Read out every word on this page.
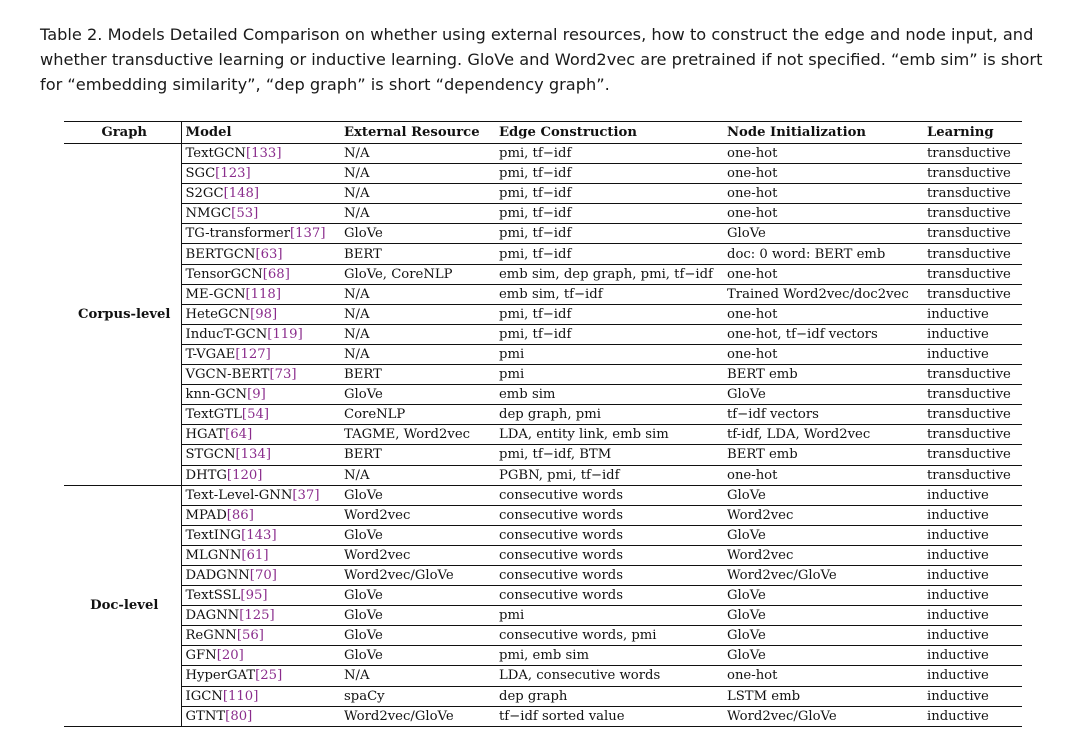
Table 2. Models Detailed Comparison on whether using external resources, how to construct the edge and node input, and whether transductive learning or inductive learning. GloVe and Word2vec are pretrained if not specified. “emb sim” is short for “embedding similarity”, “dep graph” is short “dependency graph”.
Graph	Model	External Resource	Edge Construction	Node Initialization	Learning
Corpus-level	TextGCN[133]	N/A	pmi, tf−idf	one-hot	transductive
	SGC[123]	N/A	pmi, tf−idf	one-hot	transductive
	S2GC[148]	N/A	pmi, tf−idf	one-hot	transductive
	NMGC[53]	N/A	pmi, tf−idf	one-hot	transductive
	TG-transformer[137]	GloVe	pmi, tf−idf	GloVe	transductive
	BERTGCN[63]	BERT	pmi, tf−idf	doc: 0 word: BERT emb	transductive
	TensorGCN[68]	GloVe, CoreNLP	emb sim, dep graph, pmi, tf−idf	one-hot	transductive
	ME-GCN[118]	N/A	emb sim, tf−idf	Trained Word2vec/doc2vec	transductive
	HeteGCN[98]	N/A	pmi, tf−idf	one-hot	inductive
	InducT-GCN[119]	N/A	pmi, tf−idf	one-hot, tf−idf vectors	inductive
	T-VGAE[127]	N/A	pmi	one-hot	inductive
	VGCN-BERT[73]	BERT	pmi	BERT emb	transductive
	knn-GCN[9]	GloVe	emb sim	GloVe	transductive
	TextGTL[54]	CoreNLP	dep graph, pmi	tf−idf vectors	transductive
	HGAT[64]	TAGME, Word2vec	LDA, entity link, emb sim	tf-idf, LDA, Word2vec	transductive
	STGCN[134]	BERT	pmi, tf−idf, BTM	BERT emb	transductive
	DHTG[120]	N/A	PGBN, pmi, tf−idf	one-hot	transductive
Doc-level	Text-Level-GNN[37]	GloVe	consecutive words	GloVe	inductive
	MPAD[86]	Word2vec	consecutive words	Word2vec	inductive
	TextING[143]	GloVe	consecutive words	GloVe	inductive
	MLGNN[61]	Word2vec	consecutive words	Word2vec	inductive
	DADGNN[70]	Word2vec/GloVe	consecutive words	Word2vec/GloVe	inductive
	TextSSL[95]	GloVe	consecutive words	GloVe	inductive
	DAGNN[125]	GloVe	pmi	GloVe	inductive
	ReGNN[56]	GloVe	consecutive words, pmi	GloVe	inductive
	GFN[20]	GloVe	pmi, emb sim	GloVe	inductive
	HyperGAT[25]	N/A	LDA, consecutive words	one-hot	inductive
	IGCN[110]	spaCy	dep graph	LSTM emb	inductive
	GTNT[80]	Word2vec/GloVe	tf−idf sorted value	Word2vec/GloVe	inductive
